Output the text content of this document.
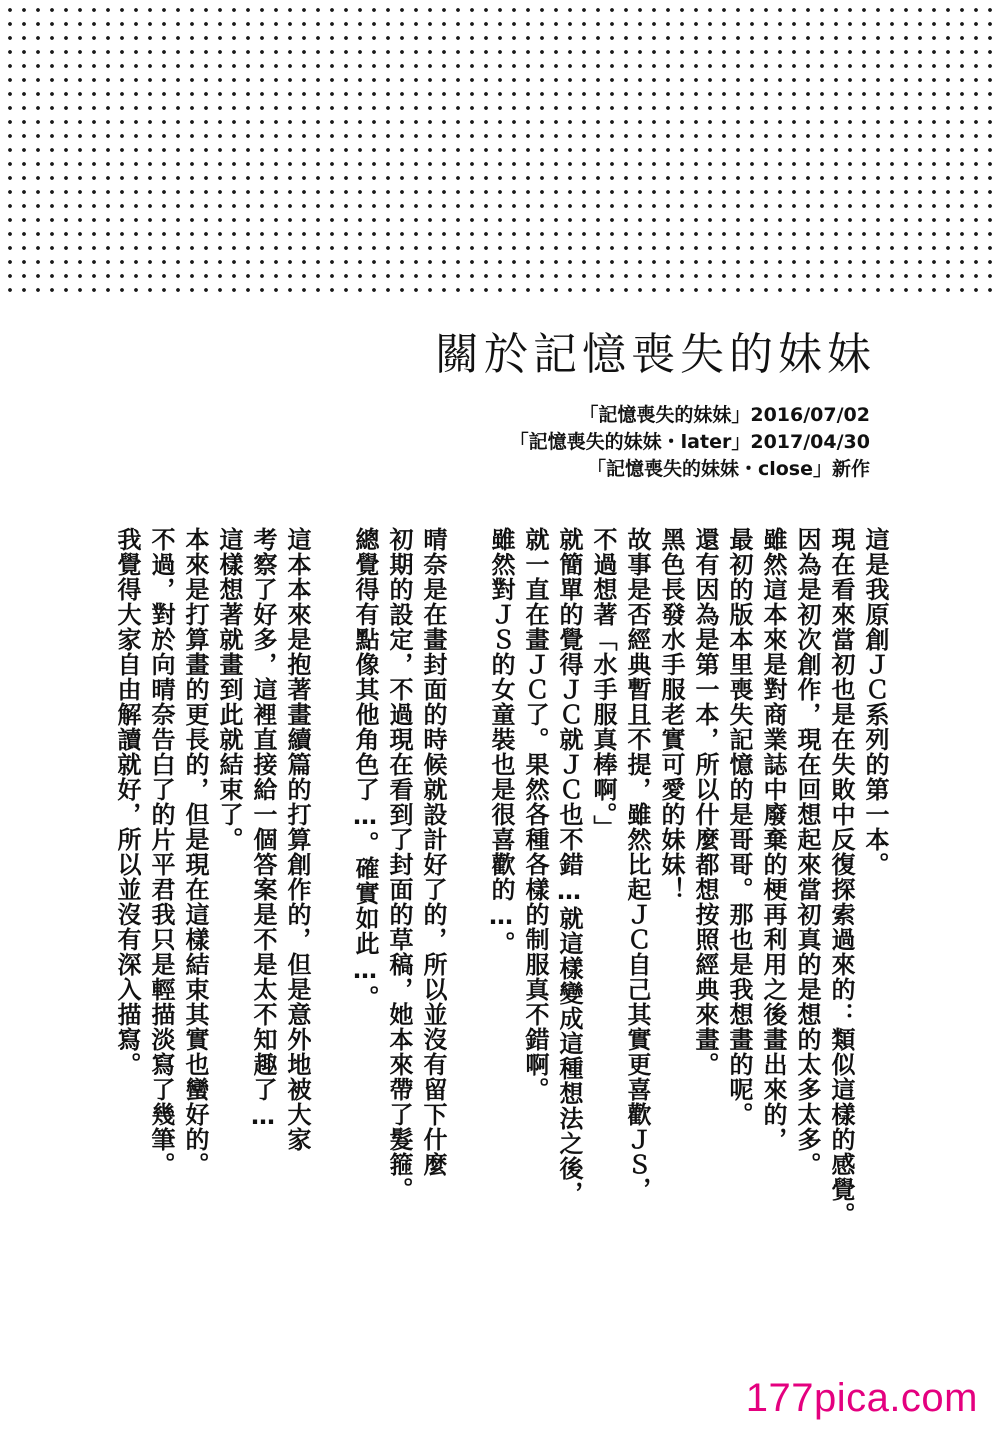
關於記憶喪失的妹妹
「記憶喪失的妹妹」2016/07/02
「記憶喪失的妹妹・later」2017/04/30
「記憶喪失的妹妹・close」新作
這是我原創ＪＣ系列的第一本。
現在看來當初也是在失敗中反復探索過來的：類似這樣的感覺。
因為是初次創作，現在回想起來當初真的是想的太多太多。
雖然這本來是對商業誌中廢棄的梗再利用之後畫出來的，
最初的版本里喪失記憶的是哥哥。那也是我想畫的呢。
還有因為是第一本，所以什麼都想按照經典來畫。
黑色長發水手服老實可愛的妹妹！
故事是否經典暫且不提，雖然比起ＪＣ自己其實更喜歡ＪＳ，
不過想著「水手服真棒啊。」
就簡單的覺得ＪＣ就ＪＣ也不錯…就這樣變成這種想法之後，
就一直在畫ＪＣ了。果然各種各樣的制服真不錯啊。
雖然對ＪＳ的女童裝也是很喜歡的…。
晴奈是在畫封面的時候就設計好了的，所以並沒有留下什麼
初期的設定，不過現在看到了封面的草稿，她本來帶了髮箍。
總覺得有點像其他角色了…。確實如此…。
這本本來是抱著畫續篇的打算創作的，但是意外地被大家
考察了好多，這裡直接給一個答案是不是太不知趣了…
這樣想著就畫到此就結束了。
本來是打算畫的更長的，但是現在這樣結束其實也蠻好的。
不過，對於向晴奈告白了的片平君我只是輕描淡寫了幾筆。
我覺得大家自由解讀就好，所以並沒有深入描寫。
177pica.com
